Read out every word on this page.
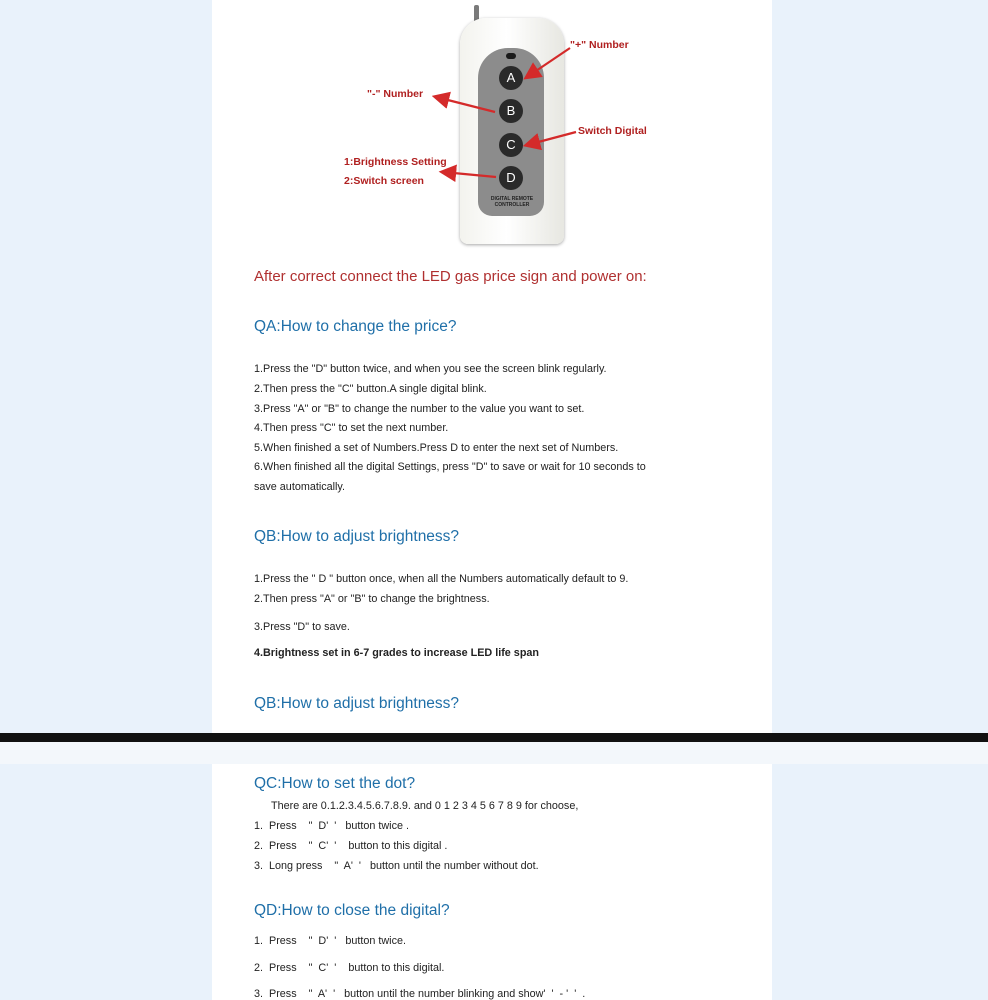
A
B
C
D
DIGITAL REMOTE CONTROLLER
"+" Number
"-" Number
Switch Digital
1:Brightness Setting
2:Switch screen
After correct connect the LED gas price sign and power on:
QA:How to change the price?
1.Press the "D" button twice, and when you see the screen blink regularly.
2.Then press the "C" button.A single digital blink.
3.Press "A" or "B" to change the number to the value you want to set.
4.Then press "C" to set the next number.
5.When finished a set of Numbers.Press D to enter the next set of Numbers.
6.When finished all the digital Settings, press "D" to save or wait for 10 seconds to
save automatically.
QB:How to adjust brightness?
1.Press the " D " button once, when all the Numbers automatically default to 9.
2.Then press "A" or "B" to change the brightness.
3.Press "D" to save.
4.Brightness set in 6-7 grades to increase LED life span
QB:How to adjust brightness?
QC:How to set the dot?
There are 0.1.2.3.4.5.6.7.8.9. and 0 1 2 3 4 5 6 7 8 9 for choose,
1.  Press    "  D'  '   button twice .
2.  Press    "  C'  '    button to this digital .
3.  Long press    "  A'  '   button until the number without dot.
QD:How to close the digital?
1.  Press    "  D'  '   button twice.
2.  Press    "  C'  '    button to this digital.
3.  Press    "  A'  '   button until the number blinking and show'  '  - '  '  .
